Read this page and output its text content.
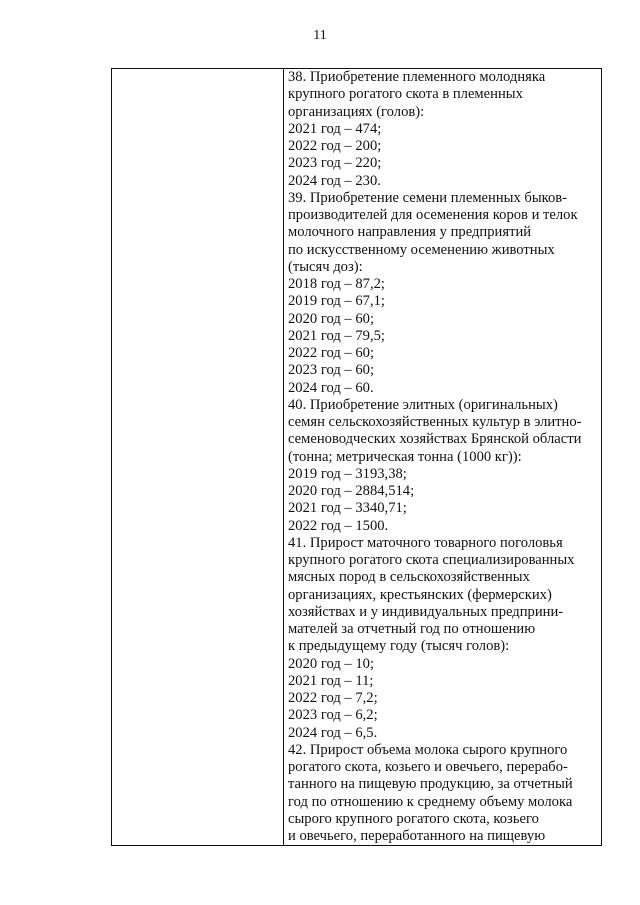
11
38. Приобретение племенного молодняка
крупного рогатого скота в племенных
организациях (голов):
2021 год – 474;
2022 год – 200;
2023 год – 220;
2024 год – 230.
39. Приобретение семени племенных быков-
производителей для осеменения коров и телок
молочного направления у предприятий
по искусственному осеменению животных
(тысяч доз):
2018 год – 87,2;
2019 год – 67,1;
2020 год – 60;
2021 год – 79,5;
2022 год – 60;
2023 год – 60;
2024 год – 60.
40. Приобретение элитных (оригинальных)
семян сельскохозяйственных культур в элитно-
семеноводческих хозяйствах Брянской области
(тонна; метрическая тонна (1000 кг)):
2019 год – 3193,38;
2020 год – 2884,514;
2021 год – 3340,71;
2022 год – 1500.
41. Прирост маточного товарного поголовья
крупного рогатого скота специализированных
мясных пород в сельскохозяйственных
организациях, крестьянских (фермерских)
хозяйствах и у индивидуальных предприни-
мателей за отчетный год по отношению
к предыдущему году (тысяч голов):
2020 год – 10;
2021 год – 11;
2022 год – 7,2;
2023 год – 6,2;
2024 год – 6,5.
42. Прирост объема молока сырого крупного
рогатого скота, козьего и овечьего, перерабо-
танного на пищевую продукцию, за отчетный
год по отношению к среднему объему молока
сырого крупного рогатого скота, козьего
и овечьего, переработанного на пищевую
